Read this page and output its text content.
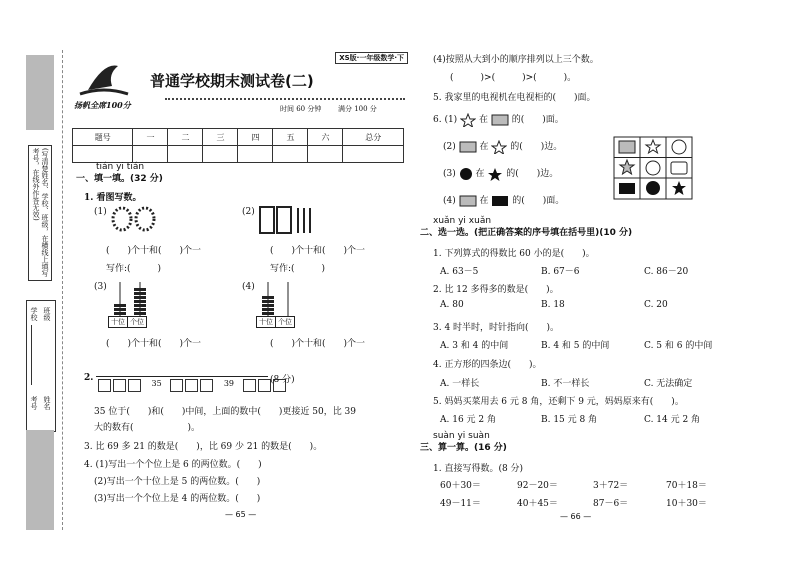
(写清楚姓名、学校、班级，在横线上填写考号，在线外作答无效)
学校 班级
考号 姓名
扬帆全席100分
XS版·一年级数学·下
普通学校期末测试卷(二)
时间 60 分钟 满分 100 分
题号	一	二	三	四	五	六	总分

tián yi tián
一、填一填。(32 分)
1. 看图写数。
(1)	(2)
(　　)个十和(　　)个一	(　　)个十和(　　)个一
写作:(　　　)	写作:(　　　)
(3)
十位 个位
(4)
十位 个位
(　　)个十和(　　)个一	(　　)个十和(　　)个一
2.
35	39	(8 分)
35 位于(　　)和(　　)中间，上面的数中(　　)更接近 50，比 39
大的数有(　　　　　　)。
3. 比 69 多 21 的数是(　　)，比 69 少 21 的数是(　　)。
4. (1)写出一个个位上是 6 的两位数。(　　)
(2)写出一个十位上是 5 的两位数。(　　)
(3)写出一个个位上是 4 的两位数。(　　)
— 65 —
(4)按照从大到小的顺序排列以上三个数。
(　　　)>(　　　)>(　　　)。
5. 我家里的电视机在电视柜的(　　)面。
6. (1) 在	的(　　)面。
(2)	在 的(　　)边。
(3) 在 的(　　)边。
(4)	在	的(　　)面。
xuǎn yi xuǎn
二、选一选。(把正确答案的序号填在括号里)(10 分)
1. 下列算式的得数比 60 小的是(　　)。
A. 63－5	B. 67－6	C. 86－20
2. 比 12 多得多的数是(　　)。
A. 80	B. 18	C. 20
3. 4 时半时，时针指向(　　)。
A. 3 和 4 的中间	B. 4 和 5 的中间	C. 5 和 6 的中间
4. 正方形的四条边(　　)。
A. 一样长	B. 不一样长	C. 无法确定
5. 妈妈买菜用去 6 元 8 角，还剩下 9 元，妈妈原来有(　　)。
A. 16 元 2 角	B. 15 元 8 角	C. 14 元 2 角
suàn yi suàn
三、算一算。(16 分)
1. 直接写得数。(8 分)
60＋30＝	92－20＝	3＋72＝	70＋18＝
49－11＝	40＋45＝	87－6＝	10＋30＝
— 66 —
